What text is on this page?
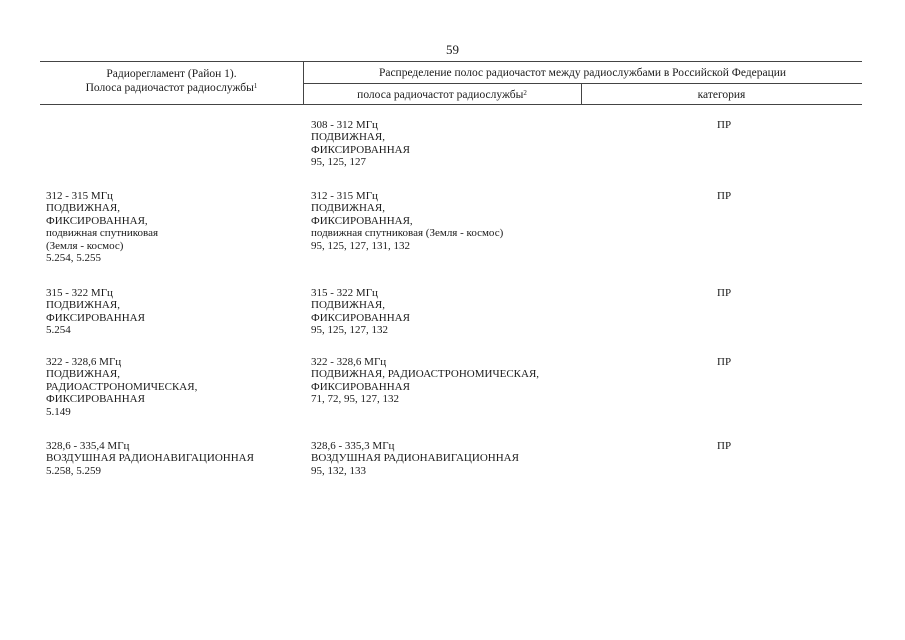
59
Радиорегламент (Район 1).
Полоса радиочастот радиослужбы$^1$
Распределение полос радиочастот между радиослужбами в Российской Федерации
полоса радиочастот радиослужбы$^2$	категория
308 - 312 МГц
ПОДВИЖНАЯ,
ФИКСИРОВАННАЯ
95, 125, 127
ПР
312 - 315 МГц
ПОДВИЖНАЯ,
ФИКСИРОВАННАЯ,
подвижная спутниковая
(Земля - космос)
5.254, 5.255
312 - 315 МГц
ПОДВИЖНАЯ,
ФИКСИРОВАННАЯ,
подвижная спутниковая (Земля - космос)
95, 125, 127, 131, 132
ПР
315 - 322 МГц
ПОДВИЖНАЯ,
ФИКСИРОВАННАЯ
5.254
315 - 322 МГц
ПОДВИЖНАЯ,
ФИКСИРОВАННАЯ
95, 125, 127, 132
ПР
322 - 328,6 МГц
ПОДВИЖНАЯ,
РАДИОАСТРОНОМИЧЕСКАЯ,
ФИКСИРОВАННАЯ
5.149
322 - 328,6 МГц
ПОДВИЖНАЯ, РАДИОАСТРОНОМИЧЕСКАЯ,
ФИКСИРОВАННАЯ
71, 72, 95, 127, 132
ПР
328,6 - 335,4 МГц
ВОЗДУШНАЯ РАДИОНАВИГАЦИОННАЯ
5.258, 5.259
328,6 - 335,3 МГц
ВОЗДУШНАЯ РАДИОНАВИГАЦИОННАЯ
95, 132, 133
ПР
